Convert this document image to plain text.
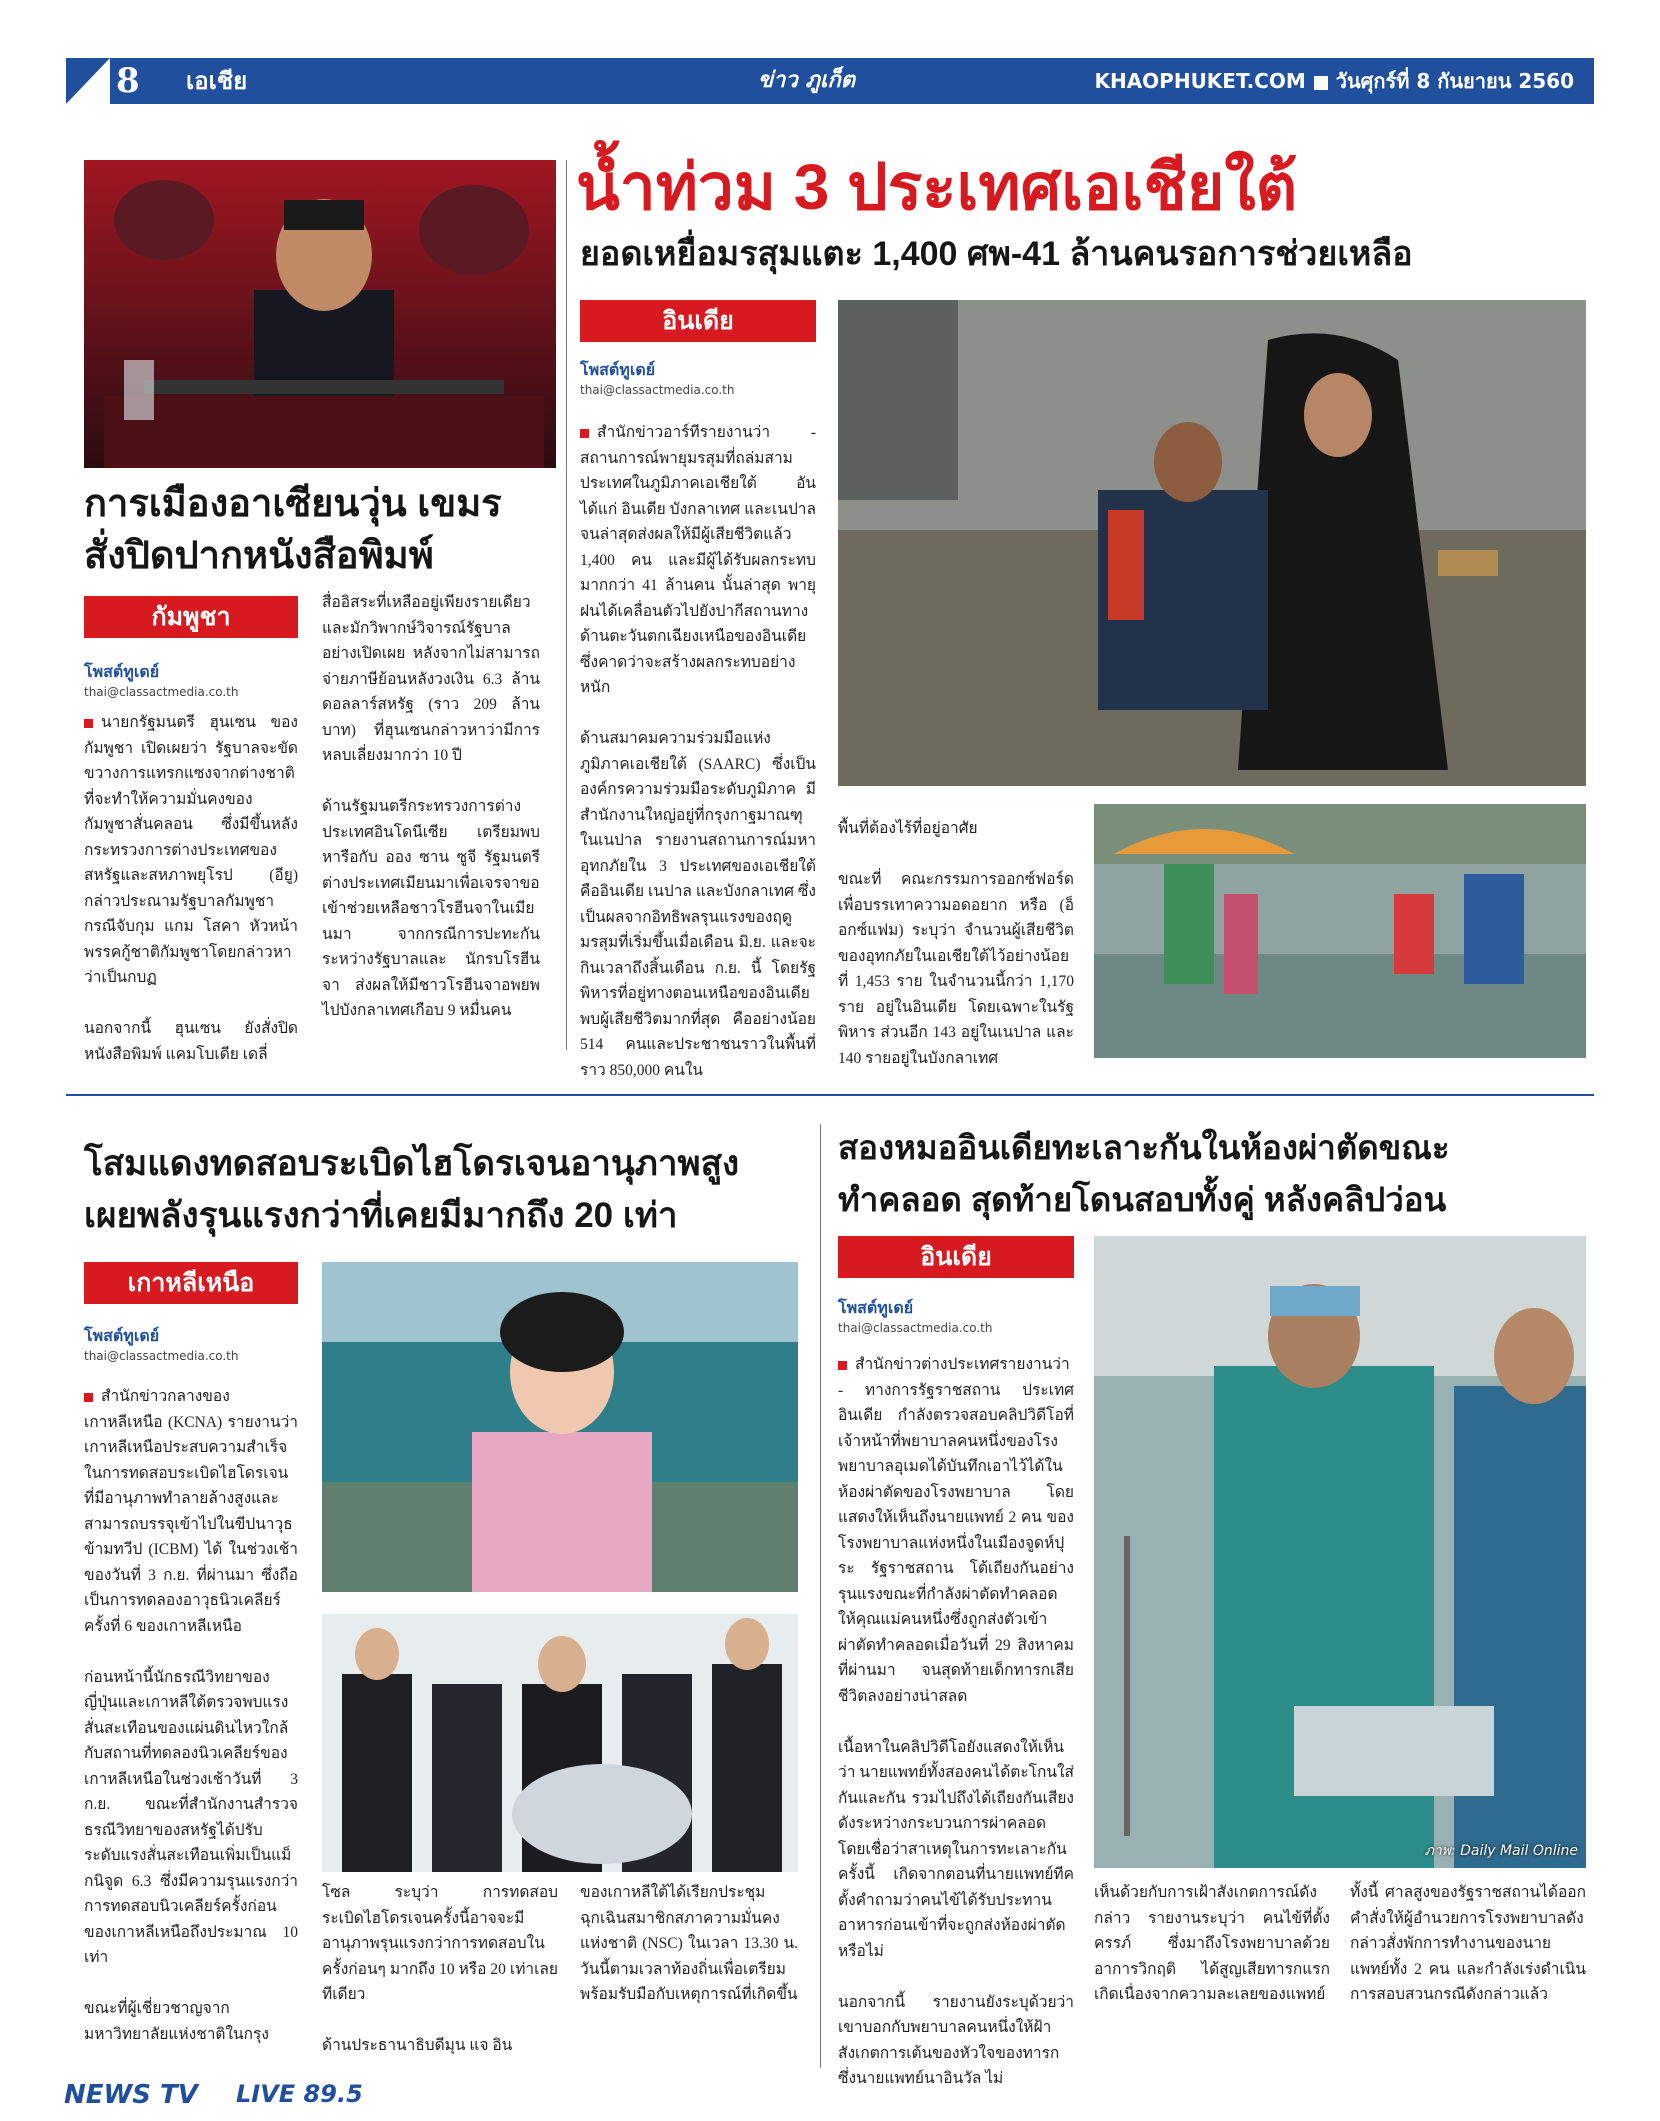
8 เอเชีย	ข่าว ภูเก็ต	KHAOPHUKET.COM วันศุกร์ที่ 8 กันยายน 2560
การเมืองอาเซียนวุ่น เขมร
สั่งปิดปากหนังสือพิมพ์
กัมพูชา
โพสต์ทูเดย์
thai@classactmedia.co.th
นายกรัฐมนตรี ฮุนเซน ของกัมพูชา เปิดเผยว่า รัฐบาลจะขัดขวางการแทรกแซงจากต่างชาติที่จะทำให้ความมั่นคงของกัมพูชาสั่นคลอน ซึ่งมีขึ้นหลังกระทรวงการต่างประเทศของสหรัฐและสหภาพยุโรป (อียู) กล่าวประณามรัฐบาลกัมพูชา กรณีจับกุม แกม โสคา หัวหน้าพรรคกู้ชาติกัมพูชาโดยกล่าวหาว่าเป็นกบฏ

นอกจากนี้ ฮุนเซน ยังสั่งปิดหนังสือพิมพ์ แคมโบเดีย เดลี่
สื่ออิสระที่เหลืออยู่เพียงรายเดียวและมักวิพากษ์วิจารณ์รัฐบาลอย่างเปิดเผย หลังจากไม่สามารถจ่ายภาษีย้อนหลังวงเงิน 6.3 ล้านดอลลาร์สหรัฐ (ราว 209 ล้านบาท) ที่ฮุนเซนกล่าวหาว่ามีการหลบเลี่ยงมากว่า 10 ปี

ด้านรัฐมนตรีกระทรวงการต่างประเทศอินโดนีเซีย เตรียมพบหารือกับ ออง ซาน ซูจี รัฐมนตรีต่างประเทศเมียนมาเพื่อเจรจาขอเข้าช่วยเหลือชาวโรฮีนจาในเมียนมา จากกรณีการปะทะกันระหว่างรัฐบาลและ นักรบโรฮีนจา ส่งผลให้มีชาวโรฮีนจาอพยพไปบังกลาเทศเกือบ 9 หมื่นคน
น้ำท่วม 3 ประเทศเอเชียใต้
ยอดเหยื่อมรสุมแตะ 1,400 ศพ-41 ล้านคนรอการช่วยเหลือ
อินเดีย
โพสต์ทูเดย์
thai@classactmedia.co.th
สำนักข่าวอาร์ทีรายงานว่า - สถานการณ์พายุมรสุมที่ถล่มสามประเทศในภูมิภาคเอเชียใต้ อันได้แก่ อินเดีย บังกลาเทศ และเนปาล จนล่าสุดส่งผลให้มีผู้เสียชีวิตแล้ว 1,400 คน และมีผู้ได้รับผลกระทบมากกว่า 41 ล้านคน นั้นล่าสุด พายุฝนได้เคลื่อนตัวไปยังปากีสถานทางด้านตะวันตกเฉียงเหนือของอินเดียซึ่งคาดว่าจะสร้างผลกระทบอย่างหนัก

ด้านสมาคมความร่วมมือแห่งภูมิภาคเอเชียใต้ (SAARC) ซึ่งเป็นองค์กรความร่วมมือระดับภูมิภาค มีสำนักงานใหญ่อยู่ที่กรุงกาฐมาณฑุ ในเนปาล รายงานสถานการณ์มหาอุทกภัยใน 3 ประเทศของเอเชียใต้ คืออินเดีย เนปาล และบังกลาเทศ ซึ่งเป็นผลจากอิทธิพลรุนแรงของฤดูมรสุมที่เริ่มขึ้นเมื่อเดือน มิ.ย. และจะกินเวลาถึงสิ้นเดือน ก.ย. นี้ โดยรัฐพิหารที่อยู่ทางตอนเหนือของอินเดียพบผู้เสียชีวิตมากที่สุด คืออย่างน้อย 514 คนและประชาชนราวในพื้นที่ราว 850,000 คนใน
พื้นที่ต้องไร้ที่อยู่อาศัย

ขณะที่ คณะกรรมการออกซ์ฟอร์ดเพื่อบรรเทาความอดอยาก หรือ (อ็อกซ์แฟม) ระบุว่า จำนวนผู้เสียชีวิต ของอุทกภัยในเอเชียใต้ไว้อย่างน้อยที่ 1,453 ราย ในจำนวนนี้กว่า 1,170 ราย อยู่ในอินเดีย โดยเฉพาะในรัฐพิหาร ส่วนอีก 143 อยู่ในเนปาล และ 140 รายอยู่ในบังกลาเทศ
โสมแดงทดสอบระเบิดไฮโดรเจนอานุภาพสูง
เผยพลังรุนแรงกว่าที่เคยมีมากถึง 20 เท่า
เกาหลีเหนือ
โพสต์ทูเดย์
thai@classactmedia.co.th
สำนักข่าวกลางของเกาหลีเหนือ (KCNA) รายงานว่า เกาหลีเหนือประสบความสำเร็จในการทดสอบระเบิดไฮโดรเจนที่มีอานุภาพทำลายล้างสูงและสามารถบรรจุเข้าไปในขีปนาวุธข้ามทวีป (ICBM) ได้ ในช่วงเช้าของวันที่ 3 ก.ย. ที่ผ่านมา ซึ่งถือเป็นการทดลองอาวุธนิวเคลียร์ครั้งที่ 6 ของเกาหลีเหนือ

ก่อนหน้านี้นักธรณีวิทยาของญี่ปุ่นและเกาหลีใต้ตรวจพบแรงสั่นสะเทือนของแผ่นดินไหวใกล้กับสถานที่ทดลองนิวเคลียร์ของเกาหลีเหนือในช่วงเช้าวันที่ 3 ก.ย. ขณะที่สำนักงานสำรวจธรณีวิทยาของสหรัฐได้ปรับระดับแรงสั่นสะเทือนเพิ่มเป็นแม็กนิจูด 6.3 ซึ่งมีความรุนแรงกว่าการทดสอบนิวเคลียร์ครั้งก่อนของเกาหลีเหนือถึงประมาณ 10 เท่า

ขณะที่ผู้เชี่ยวชาญจากมหาวิทยาลัยแห่งชาติในกรุง
โซล ระบุว่า การทดสอบระเบิดไฮโดรเจนครั้งนี้อาจจะมีอานุภาพรุนแรงกว่าการทดสอบในครั้งก่อนๆ มากถึง 10 หรือ 20 เท่าเลยทีเดียว

ด้านประธานาธิบดีมุน แจ อิน
ของเกาหลีใต้ได้เรียกประชุมฉุกเฉินสมาชิกสภาความมั่นคงแห่งชาติ (NSC) ในเวลา 13.30 น. วันนี้ตามเวลาท้องถิ่นเพื่อเตรียมพร้อมรับมือกับเหตุการณ์ที่เกิดขึ้น
สองหมออินเดียทะเลาะกันในห้องผ่าตัดขณะ
ทำคลอด สุดท้ายโดนสอบทั้งคู่ หลังคลิปว่อน
อินเดีย
โพสต์ทูเดย์
thai@classactmedia.co.th
สำนักข่าวต่างประเทศรายงานว่า - ทางการรัฐราชสถาน ประเทศอินเดีย กำลังตรวจสอบคลิปวิดีโอที่เจ้าหน้าที่พยาบาลคนหนึ่งของโรงพยาบาลอุเมดได้บันทึกเอาไว้ได้ในห้องผ่าตัดของโรงพยาบาล โดยแสดงให้เห็นถึงนายแพทย์ 2 คน ของโรงพยาบาลแห่งหนึ่งในเมืองจูดห์ปุระ รัฐราชสถาน โต้เถียงกันอย่างรุนแรงขณะที่กำลังผ่าตัดทำคลอดให้คุณแม่คนหนึ่งซึ่งถูกส่งตัวเข้าผ่าตัดทำคลอดเมื่อวันที่ 29 สิงหาคม ที่ผ่านมา จนสุดท้ายเด็กทารกเสียชีวิตลงอย่างน่าสลด

เนื้อหาในคลิปวิดีโอยังแสดงให้เห็นว่า นายแพทย์ทั้งสองคนได้ตะโกนใส่กันและกัน รวมไปถึงได้เถียงกันเสียงดังระหว่างกระบวนการผ่าคลอด โดยเชื่อว่าสาเหตุในการทะเลาะกันครั้งนี้ เกิดจากตอนที่นายแพทย์ทีค ตั้งคำถามว่าคนไข้ได้รับประทานอาหารก่อนเข้าที่จะถูกส่งห้องผ่าตัดหรือไม่

นอกจากนี้ รายงานยังระบุด้วยว่า เขาบอกกับพยาบาลคนหนึ่งให้ฝ้าสังเกตการเต้นของหัวใจของทารก ซึ่งนายแพทย์นาอินวัล ไม่
ภาพ: Daily Mail Online
เห็นด้วยกับการเฝ้าสังเกตการณ์ดังกล่าว รายงานระบุว่า คนไข้ที่ตั้งครรภ์ ซึ่งมาถึงโรงพยาบาลด้วยอาการวิกฤติ ได้สูญเสียทารกแรกเกิดเนื่องจากความละเลยของแพทย์
ทั้งนี้ ศาลสูงของรัฐราชสถานได้ออกคำสั่งให้ผู้อำนวยการโรงพยาบาลดังกล่าวสั่งพักการทำงานของนายแพทย์ทั้ง 2 คน และกำลังเร่งดำเนินการสอบสวนกรณีดังกล่าวแล้ว
NEWS TV LIVE 89.5
